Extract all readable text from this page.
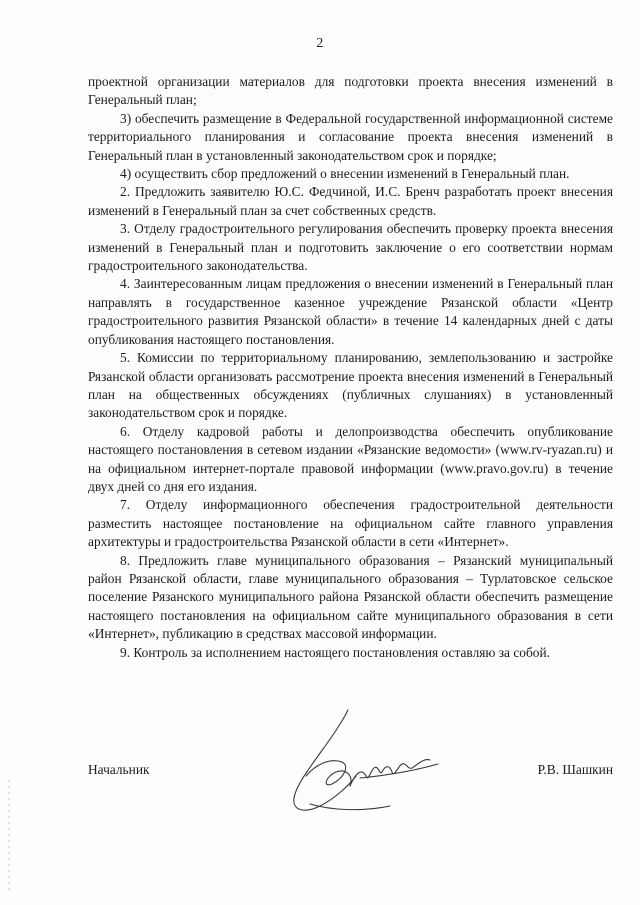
2

проектной организации материалов для подготовки проекта внесения изменений в Генеральный план;

3) обеспечить размещение в Федеральной государственной информационной системе территориального планирования и согласование проекта внесения изменений в Генеральный план в установленный законодательством срок и порядке;

4) осуществить сбор предложений о внесении изменений в Генеральный план.

2. Предложить заявителю Ю.С. Федчиной, И.С. Бренч разработать проект внесения изменений в Генеральный план за счет собственных средств.

3. Отделу градостроительного регулирования обеспечить проверку проекта внесения изменений в Генеральный план и подготовить заключение о его соответствии нормам градостроительного законодательства.

4. Заинтересованным лицам предложения о внесении изменений в Генеральный план направлять в государственное казенное учреждение Рязанской области «Центр градостроительного развития Рязанской области» в течение 14 календарных дней с даты опубликования настоящего постановления.

5. Комиссии по территориальному планированию, землепользованию и застройке Рязанской области организовать рассмотрение проекта внесения изменений в Генеральный план на общественных обсуждениях (публичных слушаниях) в установленный законодательством срок и порядке.

6. Отделу кадровой работы и делопроизводства обеспечить опубликование настоящего постановления в сетевом издании «Рязанские ведомости» (www.rv-ryazan.ru) и на официальном интернет-портале правовой информации (www.pravo.gov.ru) в течение двух дней со дня его издания.

7. Отделу информационного обеспечения градостроительной деятельности разместить настоящее постановление на официальном сайте главного управления архитектуры и градостроительства Рязанской области в сети «Интернет».

8. Предложить главе муниципального образования – Рязанский муниципальный район Рязанской области, главе муниципального образования – Турлатовское сельское поселение Рязанского муниципального района Рязанской области обеспечить размещение настоящего постановления на официальном сайте муниципального образования в сети «Интернет», публикацию в средствах массовой информации.

9. Контроль за исполнением настоящего постановления оставляю за собой.

Начальник	Р.В. Шашкин
